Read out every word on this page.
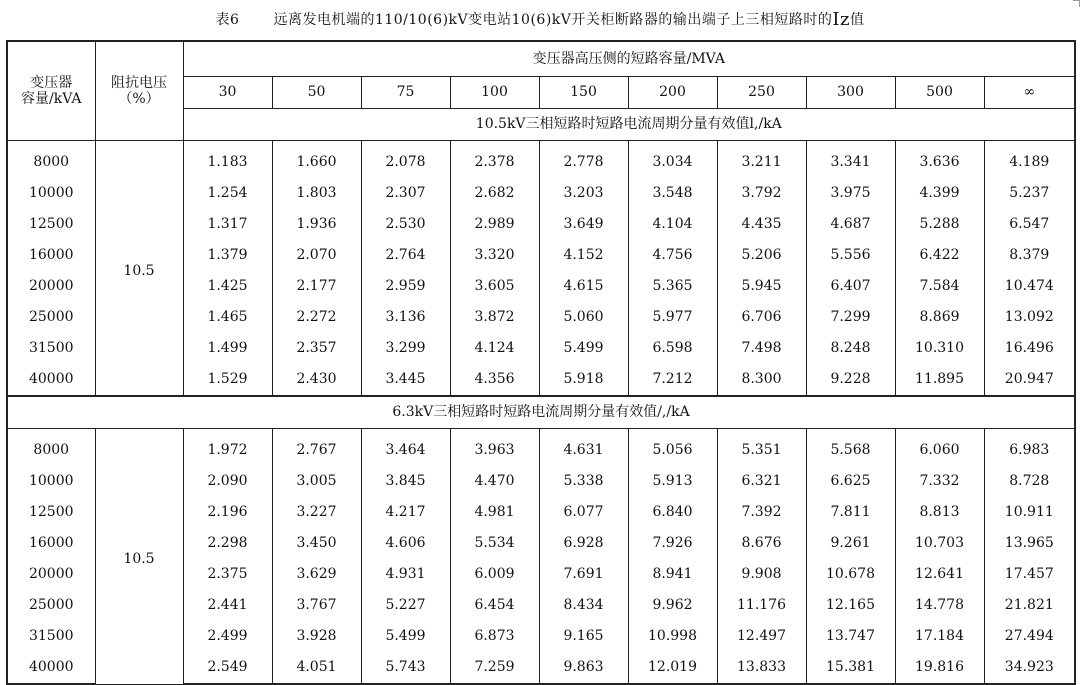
表6 远离发电机端的110/10(6)kV变电站10(6)kV开关柜断路器的输出端子上三相短路时的 Iz 值
变压器
容量/kVA	阻抗电压
（%）	变压器高压侧的短路容量/MVA									
		30	50	75	100	150	200	250	300	500	∞
		10.5kV三相短路时短路电流周期分量有效值l,/kA									
8000	10.5	1.183	1.660	2.078	2.378	2.778	3.034	3.211	3.341	3.636	4.189
10000		1.254	1.803	2.307	2.682	3.203	3.548	3.792	3.975	4.399	5.237
12500		1.317	1.936	2.530	2.989	3.649	4.104	4.435	4.687	5.288	6.547
16000		1.379	2.070	2.764	3.320	4.152	4.756	5.206	5.556	6.422	8.379
20000		1.425	2.177	2.959	3.605	4.615	5.365	5.945	6.407	7.584	10.474
25000		1.465	2.272	3.136	3.872	5.060	5.977	6.706	7.299	8.869	13.092
31500		1.499	2.357	3.299	4.124	5.499	6.598	7.498	8.248	10.310	16.496
40000		1.529	2.430	3.445	4.356	5.918	7.212	8.300	9.228	11.895	20.947
6.3kV三相短路时短路电流周期分量有效值/,/kA											
8000	10.5	1.972	2.767	3.464	3.963	4.631	5.056	5.351	5.568	6.060	6.983
10000		2.090	3.005	3.845	4.470	5.338	5.913	6.321	6.625	7.332	8.728
12500		2.196	3.227	4.217	4.981	6.077	6.840	7.392	7.811	8.813	10.911
16000		2.298	3.450	4.606	5.534	6.928	7.926	8.676	9.261	10.703	13.965
20000		2.375	3.629	4.931	6.009	7.691	8.941	9.908	10.678	12.641	17.457
25000		2.441	3.767	5.227	6.454	8.434	9.962	11.176	12.165	14.778	21.821
31500		2.499	3.928	5.499	6.873	9.165	10.998	12.497	13.747	17.184	27.494
40000		2.549	4.051	5.743	7.259	9.863	12.019	13.833	15.381	19.816	34.923
